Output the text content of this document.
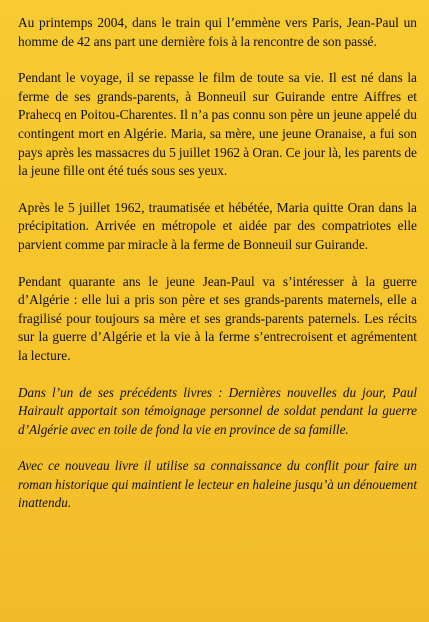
Au printemps 2004, dans le train qui l’emmène vers Paris, Jean-Paul un homme de 42 ans part une dernière fois à la rencontre de son passé.

Pendant le voyage, il se repasse le film de toute sa vie. Il est né dans la ferme de ses grands-parents, à Bonneuil sur Guirande entre Aiffres et Prahecq en Poitou-Charentes. Il n’a pas connu son père un jeune appelé du contingent mort en Algérie. Maria, sa mère, une jeune Oranaise, a fui son pays après les massacres du 5 juillet 1962 à Oran. Ce jour là, les parents de la jeune fille ont été tués sous ses yeux.

Après le 5 juillet 1962, traumatisée et hébétée, Maria quitte Oran dans la précipitation. Arrivée en métropole et aidée par des compatriotes elle parvient comme par miracle à la ferme de Bonneuil sur Guirande.

Pendant quarante ans le jeune Jean-Paul va s’intéresser à la guerre d’Algérie : elle lui a pris son père et ses grands-parents maternels, elle a fragilisé pour toujours sa mère et ses grands-parents paternels. Les récits sur la guerre d’Algérie et la vie à la ferme s’entrecroisent et agrémentent la lecture.

Dans l’un de ses précédents livres : Dernières nouvelles du jour, Paul Hairault apportait son témoignage personnel de soldat pendant la guerre d’Algérie avec en toile de fond la vie en province de sa famille.

Avec ce nouveau livre il utilise sa connaissance du conflit pour faire un roman historique qui maintient le lecteur en haleine jusqu’à un dénouement inattendu.
